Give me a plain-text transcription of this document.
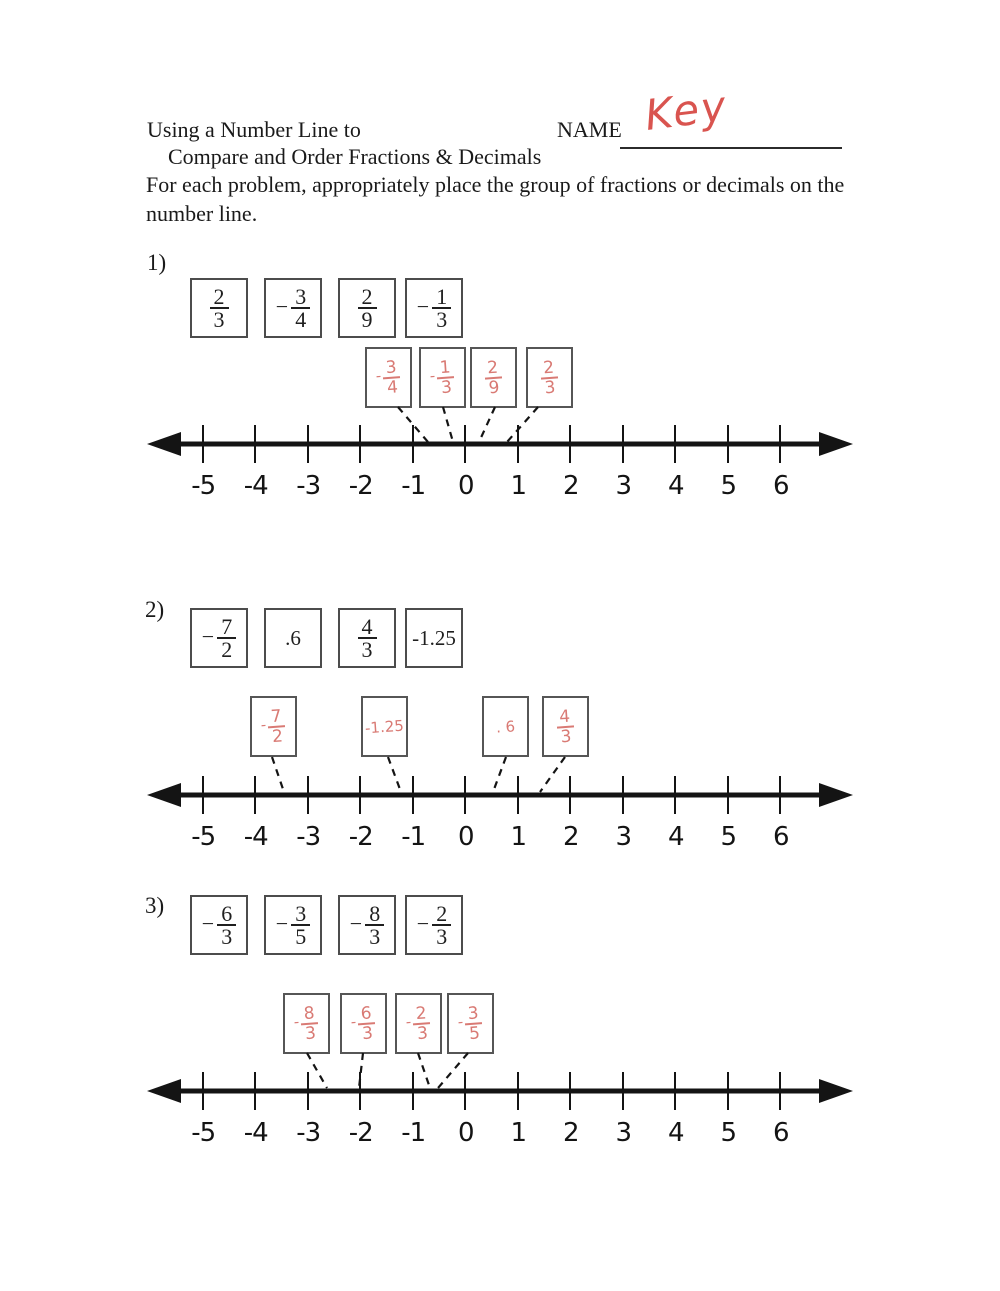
Using a Number Line to	NAME Key
Compare and Order Fractions & Decimals
For each problem, appropriately place the group of fractions or decimals on the number line.
1)
2)
3)
$\frac{2}{3} - \frac{3}{4} \frac{2}{9} - \frac{1}{3}$
- $\frac{3}{4} - \frac{1}{3} \frac{2}{9} \frac{2}{3}$
− $\frac{7}{2} .6$	$\frac{4}{3} -1.25$
- $\frac{7}{2}$	-1.25	. $6 \frac{4}{3}$
− $\frac{6}{3} - \frac{3}{5} - \frac{8}{3} - \frac{2}{3}$
- $\frac{8}{3} - \frac{6}{3} - \frac{2}{3} - \frac{3}{5}$
-5	-4	-3	-2	-1	0	1	2	3	4	5	6
-5	-4	-3	-2	-1	0	1	2	3	4	5	6
-5	-4	-3	-2	-1	0	1	2	3	4	5	6
